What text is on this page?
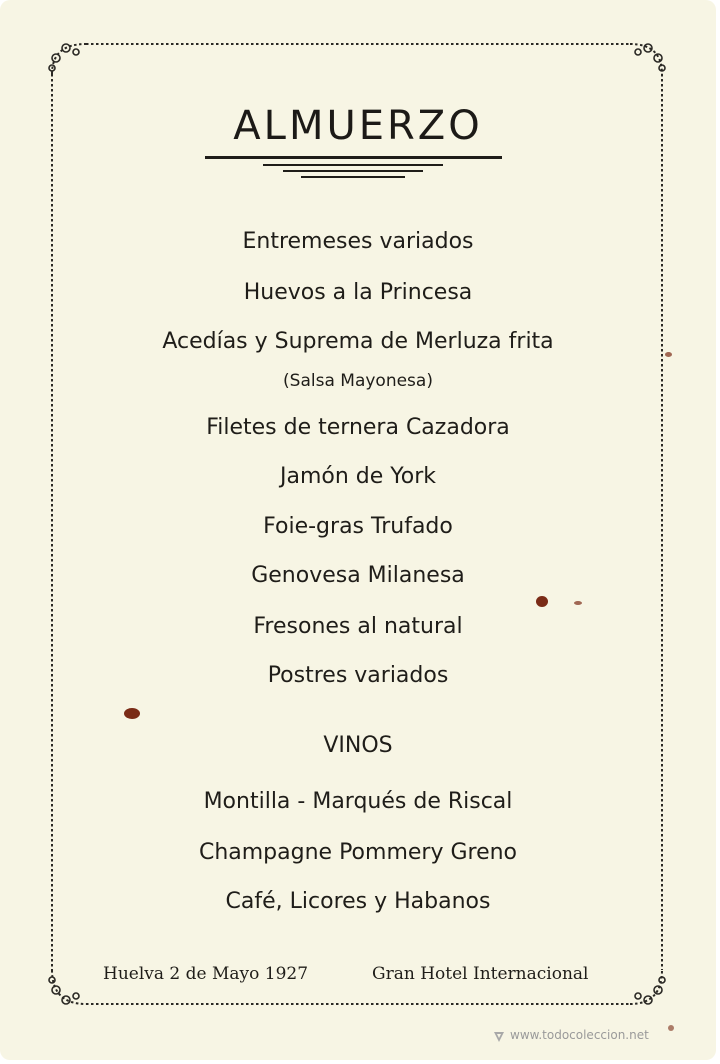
ALMUERZO
Entremeses variados
Huevos a la Princesa
Acedías y Suprema de Merluza frita
(Salsa Mayonesa)
Filetes de ternera Cazadora
Jamón de York
Foie-gras Trufado
Genovesa Milanesa
Fresones al natural
Postres variados
VINOS
Montilla - Marqués de Riscal
Champagne Pommery Greno
Café, Licores y Habanos
Huelva 2 de Mayo 1927	Gran Hotel Internacional
www.todocoleccion.net
